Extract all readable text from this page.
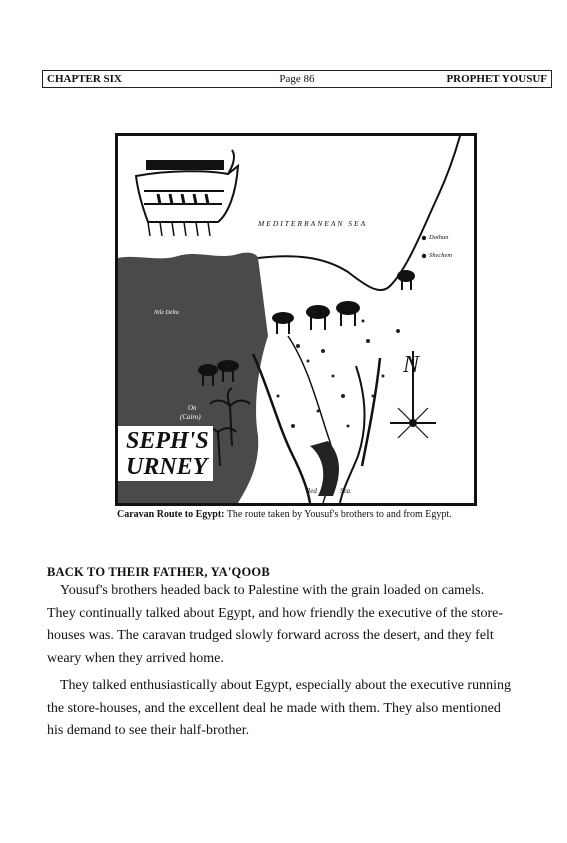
CHAPTER SIX	Page 86	PROPHET YOUSUF
MEDITERRANEAN SEA
Dothan
Shechem
Nile Delta
On
(Cairo)
SEPH'S
URNEY
Red	Sea
N
Caravan Route to Egypt: The route taken by Yousuf's brothers to and from Egypt.
BACK TO THEIR FATHER, YA'QOOB
Yousuf's brothers headed back to Palestine with the grain loaded on camels.
They continually talked about Egypt, and how friendly the executive of the store-
houses was. The caravan trudged slowly forward across the desert, and they felt
weary when they arrived home.
They talked enthusiastically about Egypt, especially about the executive running
the store-houses, and the excellent deal he made with them. They also mentioned
his demand to see their half-brother.
